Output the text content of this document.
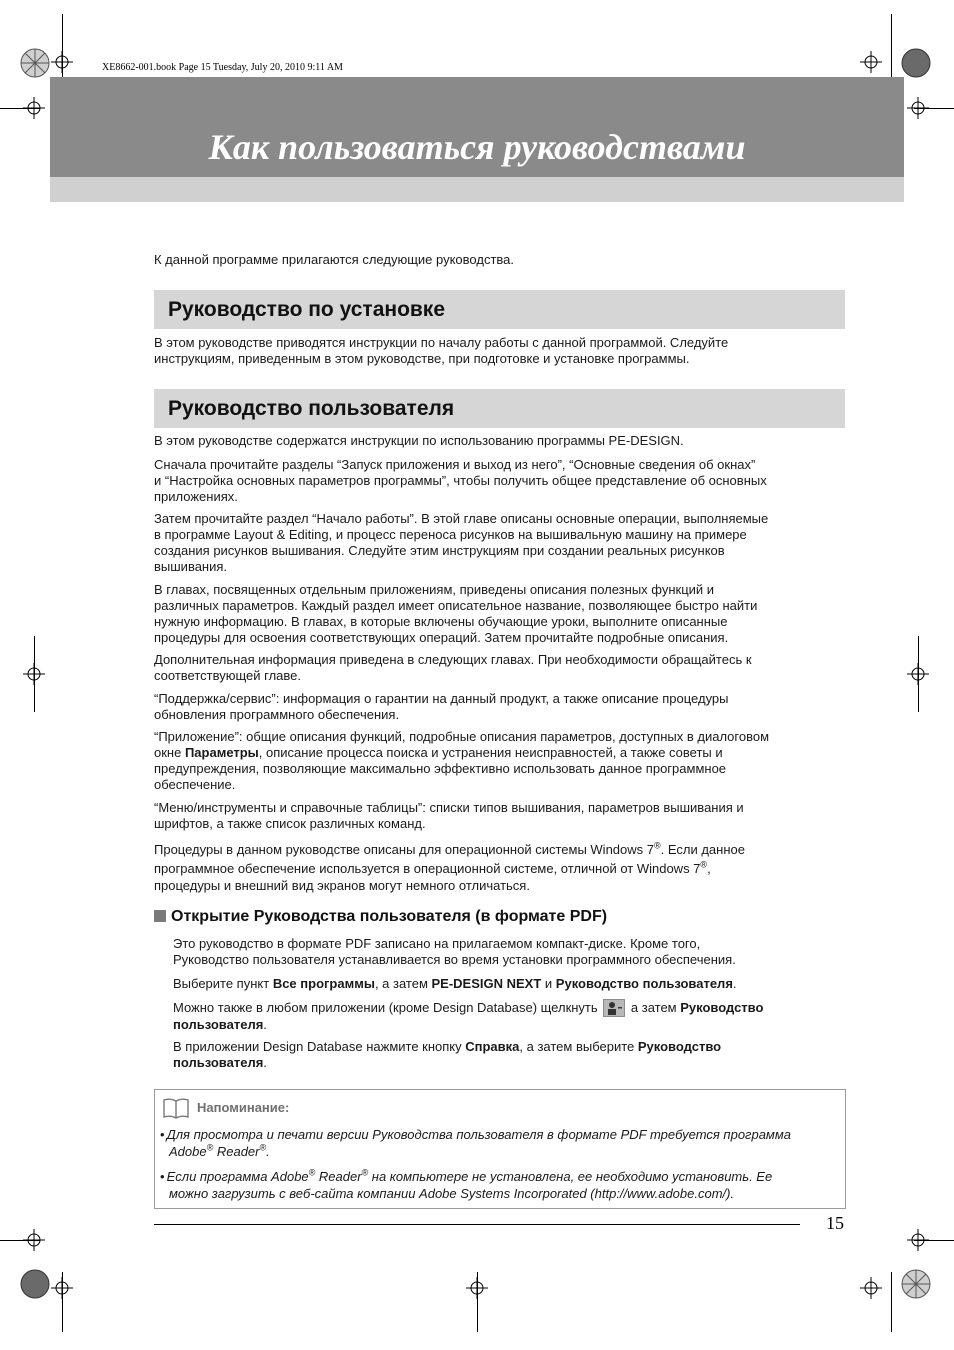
XE8662-001.book Page 15 Tuesday, July 20, 2010 9:11 AM
Как пользоваться руководствами
К данной программе прилагаются следующие руководства.
Руководство по установке
В этом руководстве приводятся инструкции по началу работы с данной программой. Следуйте
инструкциям, приведенным в этом руководстве, при подготовке и установке программы.
Руководство пользователя
В этом руководстве содержатся инструкции по использованию программы PE-DESIGN.
Сначала прочитайте разделы “Запуск приложения и выход из него”, “Основные сведения об окнах”
и “Настройка основных параметров программы”, чтобы получить общее представление об основных
приложениях.
Затем прочитайте раздел “Начало работы”. В этой главе описаны основные операции, выполняемые
в программе Layout & Editing, и процесс переноса рисунков на вышивальную машину на примере
создания рисунков вышивания. Следуйте этим инструкциям при создании реальных рисунков
вышивания.
В главах, посвященных отдельным приложениям, приведены описания полезных функций и
различных параметров. Каждый раздел имеет описательное название, позволяющее быстро найти
нужную информацию. В главах, в которые включены обучающие уроки, выполните описанные
процедуры для освоения соответствующих операций. Затем прочитайте подробные описания.
Дополнительная информация приведена в следующих главах. При необходимости обращайтесь к
соответствующей главе.
“Поддержка/сервис”: информация о гарантии на данный продукт, а также описание процедуры
обновления программного обеспечения.
“Приложение”: общие описания функций, подробные описания параметров, доступных в диалоговом
окне Параметры, описание процесса поиска и устранения неисправностей, а также советы и
предупреждения, позволяющие максимально эффективно использовать данное программное
обеспечение.
“Меню/инструменты и справочные таблицы”: списки типов вышивания, параметров вышивания и
шрифтов, а также список различных команд.
Процедуры в данном руководстве описаны для операционной системы Windows 7®. Если данное
программное обеспечение используется в операционной системе, отличной от Windows 7®,
процедуры и внешний вид экранов могут немного отличаться.
Открытие Руководства пользователя (в формате PDF)
Это руководство в формате PDF записано на прилагаемом компакт-диске. Кроме того,
Руководство пользователя устанавливается во время установки программного обеспечения.
Выберите пункт Все программы, а затем PE-DESIGN NEXT и Руководство пользователя.
Можно также в любом приложении (кроме Design Database) щелкнуть  а затем Руководство
пользователя.
В приложении Design Database нажмите кнопку Справка, а затем выберите Руководство
пользователя.
Напоминание:
• Для просмотра и печати версии Руководства пользователя в формате PDF требуется программа
Adobe® Reader®.
• Если программа Adobe® Reader® на компьютере не установлена, ее необходимо установить. Ее
можно загрузить с веб-сайта компании Adobe Systems Incorporated (http://www.adobe.com/).
15
